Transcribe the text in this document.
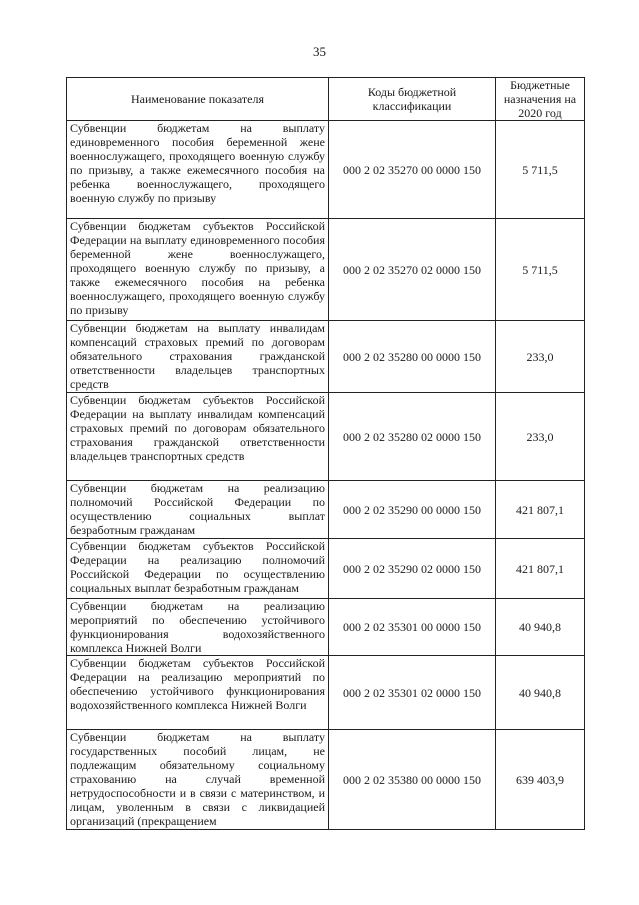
35
Наименование показателя	Коды бюджетной классификации	Бюджетные назначения на 2020 год
Субвенции бюджетам на выплату единовременного пособия беременной жене военнослужащего, проходящего военную службу по призыву, а также ежемесячного пособия на ребенка военнослужащего, проходящего военную службу по призыву	000 2 02 35270 00 0000 150	5 711,5
Субвенции бюджетам субъектов Российской Федерации на выплату единовременного пособия беременной жене военнослужащего, проходящего военную службу по призыву, а также ежемесячного пособия на ребенка военнослужащего, проходящего военную службу по призыву	000 2 02 35270 02 0000 150	5 711,5
Субвенции бюджетам на выплату инвалидам компенсаций страховых премий по договорам обязательного страхования гражданской ответственности владельцев транспортных средств	000 2 02 35280 00 0000 150	233,0
Субвенции бюджетам субъектов Российской Федерации на выплату инвалидам компенсаций страховых премий по договорам обязательного страхования гражданской ответственности владельцев транспортных средств	000 2 02 35280 02 0000 150	233,0
Субвенции бюджетам на реализацию полномочий Российской Федерации по осуществлению социальных выплат безработным гражданам	000 2 02 35290 00 0000 150	421 807,1
Субвенции бюджетам субъектов Российской Федерации на реализацию полномочий Российской Федерации по осуществлению социальных выплат безработным гражданам	000 2 02 35290 02 0000 150	421 807,1
Субвенции бюджетам на реализацию мероприятий по обеспечению устойчивого функционирования водохозяйственного комплекса Нижней Волги	000 2 02 35301 00 0000 150	40 940,8
Субвенции бюджетам субъектов Российской Федерации на реализацию мероприятий по обеспечению устойчивого функционирования водохозяйственного комплекса Нижней Волги	000 2 02 35301 02 0000 150	40 940,8
Субвенции бюджетам на выплату государственных пособий лицам, не подлежащим обязательному социальному страхованию на случай временной нетрудоспособности и в связи с материнством, и лицам, уволенным в связи с ликвидацией организаций (прекращением	000 2 02 35380 00 0000 150	639 403,9
